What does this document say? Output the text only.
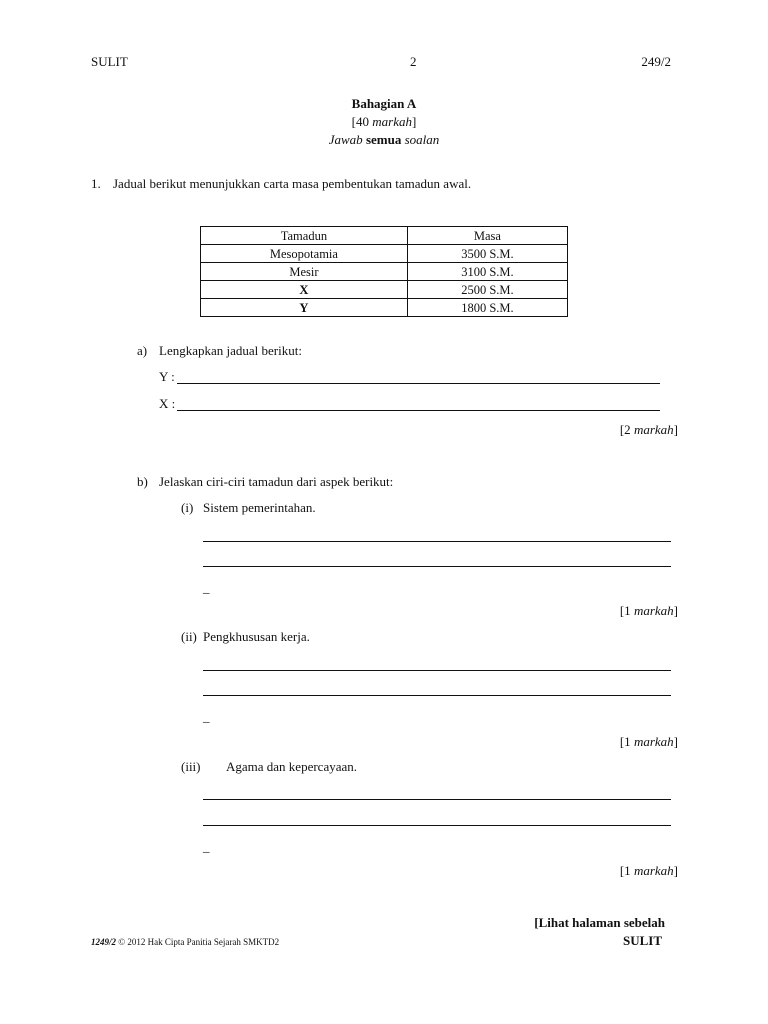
SULIT	2	249/2
Bahagian A
[40 markah]
Jawab semua soalan
1. Jadual berikut menunjukkan carta masa pembentukan tamadun awal.
Tamadun	Masa
Mesopotamia	3500 S.M.
Mesir	3100 S.M.
X	2500 S.M.
Y	1800 S.M.
a) Lengkapkan jadual berikut:
Y :
X :
[2 markah]
b) Jelaskan ciri-ciri tamadun dari aspek berikut:
(i) Sistem pemerintahan.
_
[1 markah]
(ii) Pengkhususan kerja.
_
[1 markah]
(iii) Agama dan kepercayaan.
_
[1 markah]
[Lihat halaman sebelah
1249/2 © 2012 Hak Cipta Panitia Sejarah SMKTD2	SULIT
